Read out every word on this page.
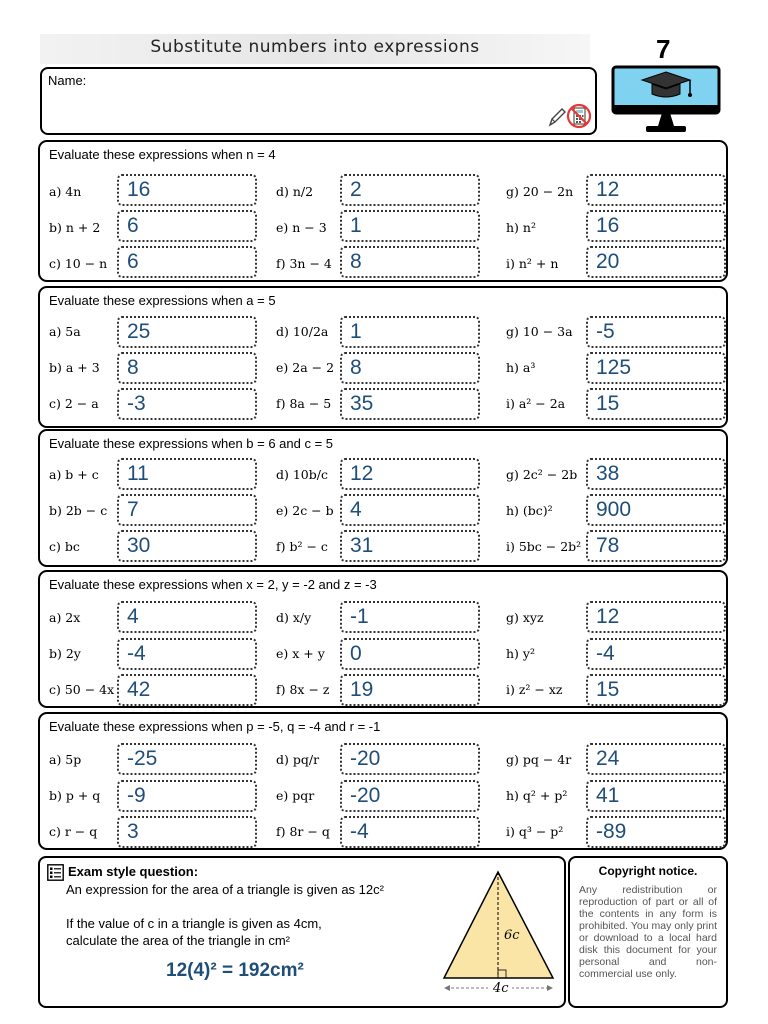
Substitute numbers into expressions	7
Name:
Evaluate these expressions when n = 4
a) 4n 16	d) n/2 2	g) 20 − 2n 12
b) n + 2 6	e) n − 3 1	h) n²	16
c) 10 − n 6	f) 3n − 4 8	i) n² + n 20
Evaluate these expressions when a = 5
a) 5a 25	d) 10/2a 1	g) 10 − 3a -5
b) a + 3 8	e) 2a − 2 8	h) a³	125
c) 2 − a -3	f) 8a − 5 35	i) a² − 2a 15
Evaluate these expressions when b = 6 and c = 5
a) b + c 11	d) 10b/c 12	g) 2c² − 2b 38
b) 2b − c 7	e) 2c − b 4	h) (bc)² 900
c) bc 30	f) b² − c 31	i) 5bc − 2b² 78
Evaluate these expressions when x = 2, y = -2 and z = -3
a) 2x 4	d) x/y -1	g) xyz 12
b) 2y -4	e) x + y 0	h) y²	-4
c) 50 − 4x 42	f) 8x − z 19	i) z² − xz 15
Evaluate these expressions when p = -5, q = -4 and r = -1
a) 5p -25	d) pq/r -20	g) pq − 4r 24
b) p + q -9	e) pqr -20	h) q² + p² 41
c) r − q 3	f) 8r − q -4	i) q³ − p² -89
Exam style question:
An expression for the area of a triangle is given as 12c²
If the value of c in a triangle is given as 4cm,
calculate the area of the triangle in cm²
12(4)² = 192cm²
6c
4c
Copyright notice.
Any redistribution or reproduction of part or all of the contents in any form is prohibited. You may only print or download to a local hard disk this document for your personal and non-commercial use only.
